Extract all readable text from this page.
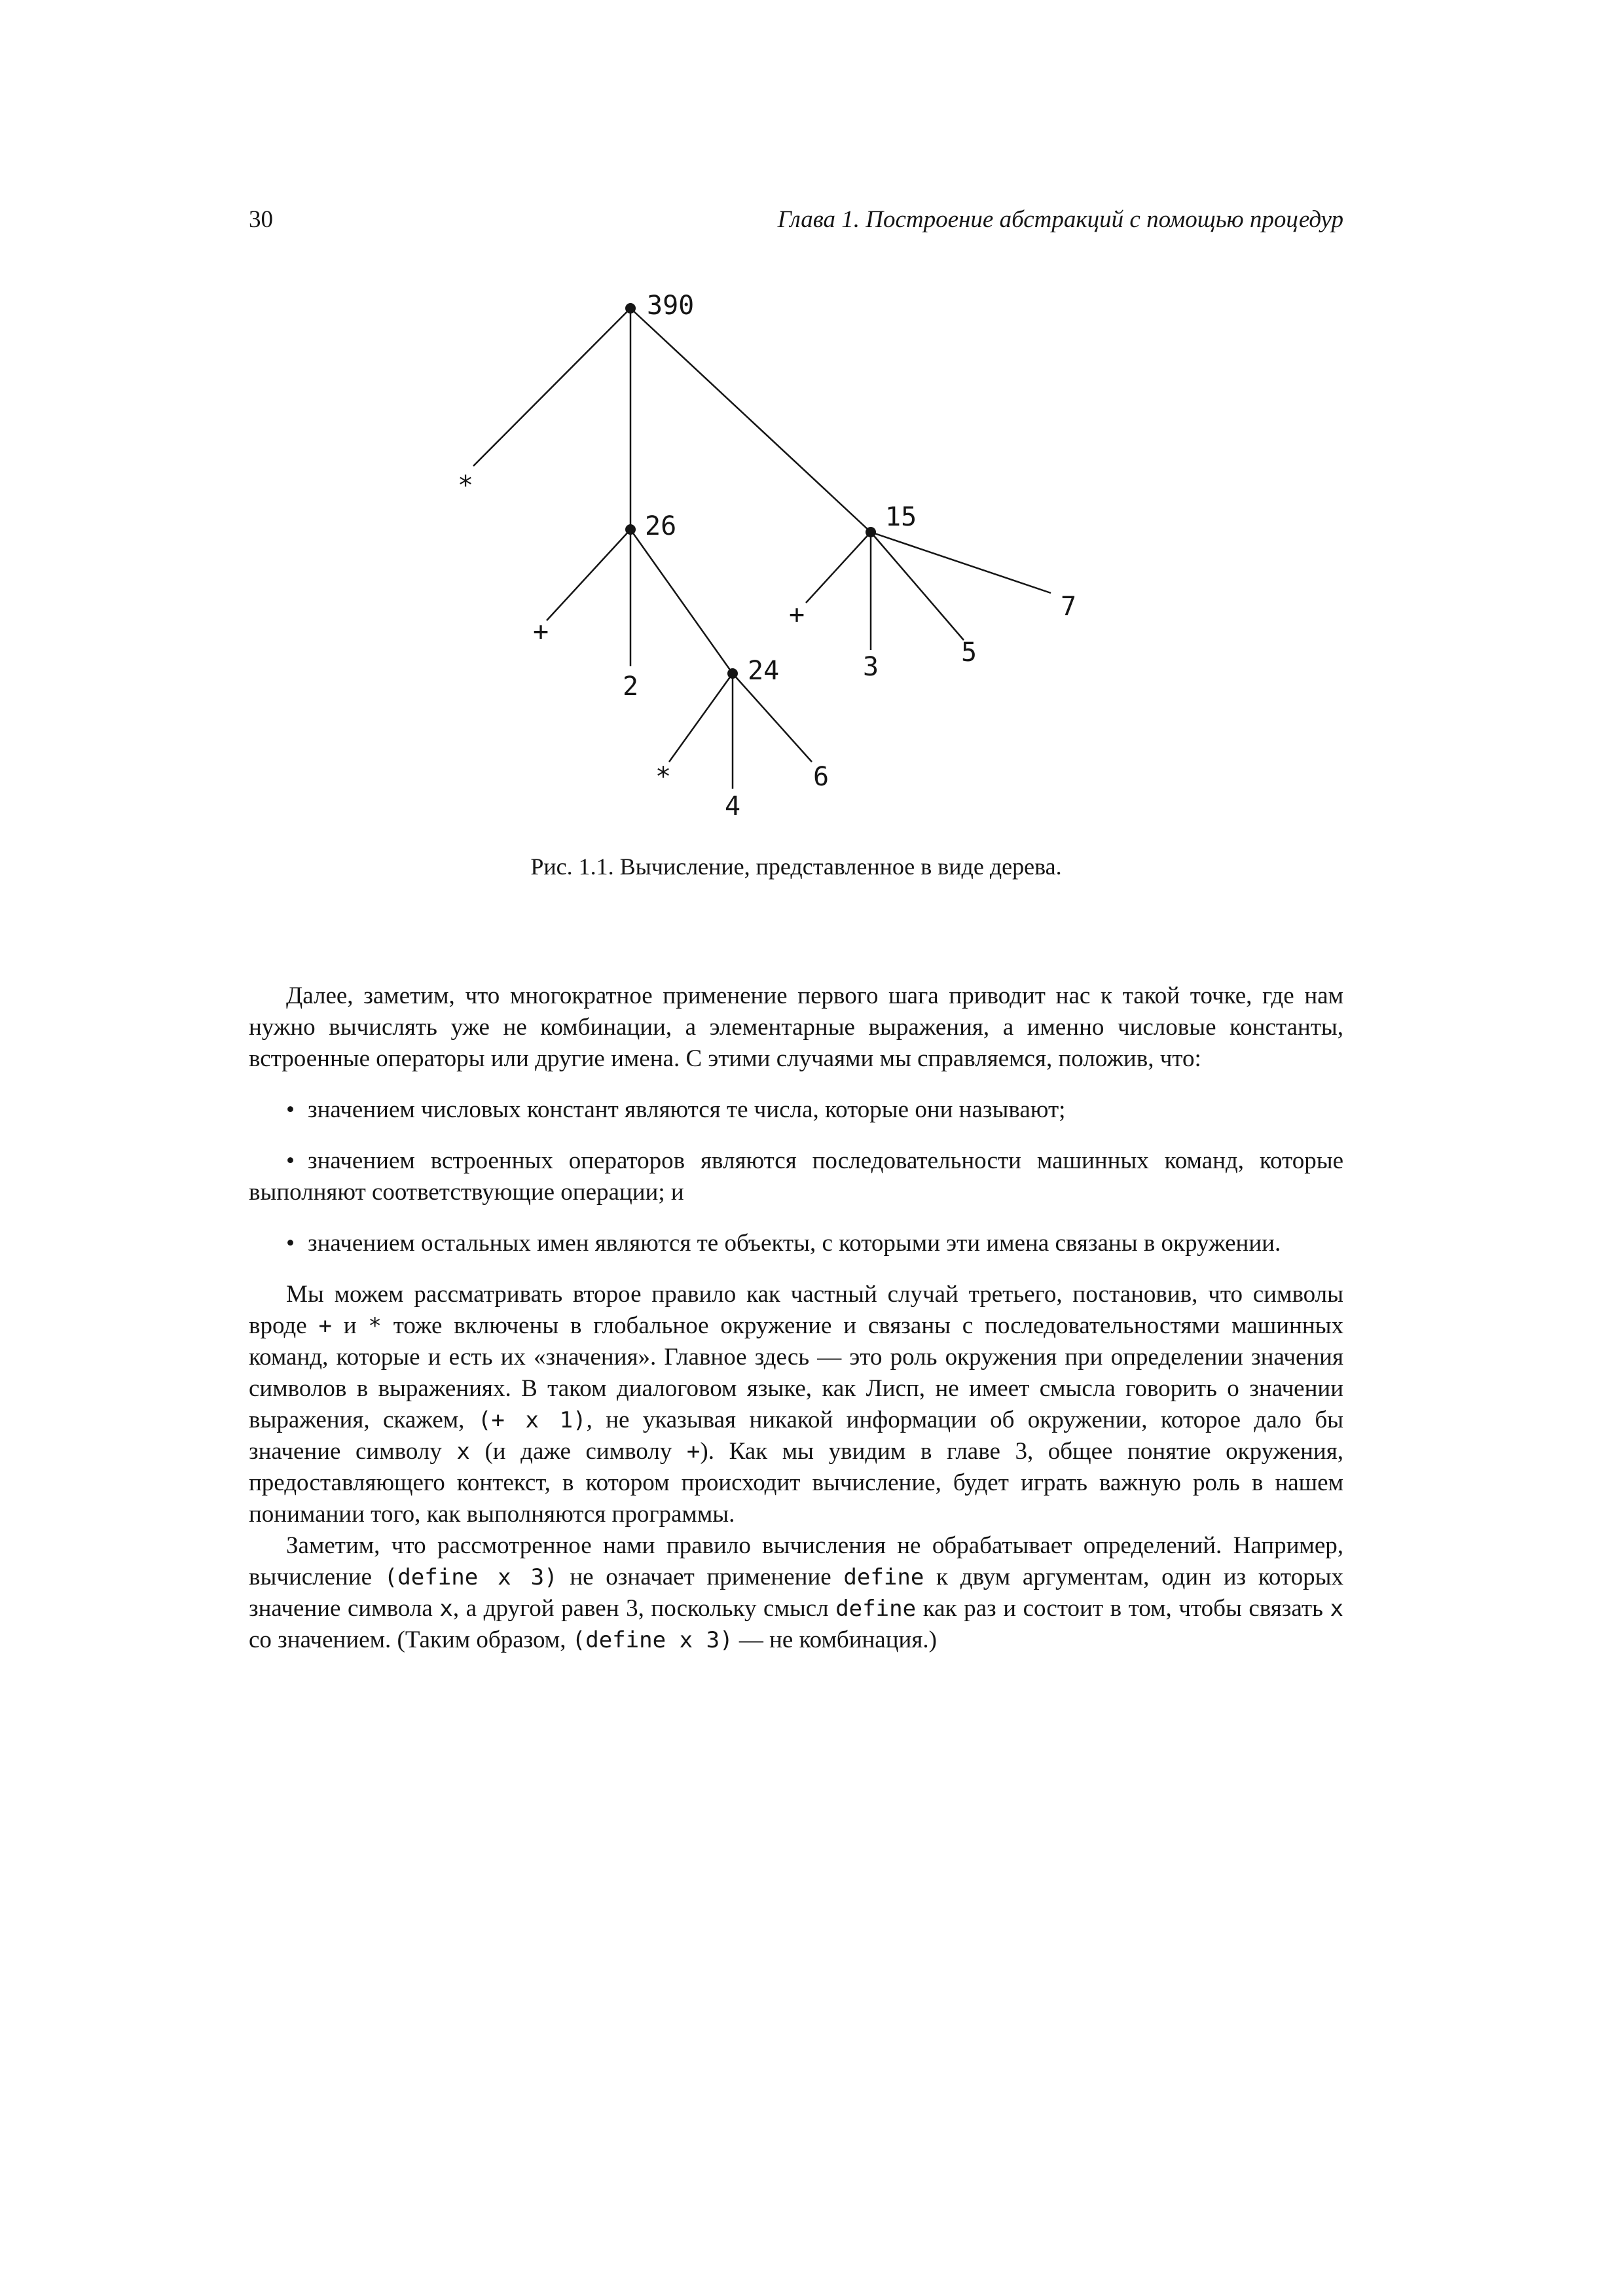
30	Глава 1. Построение абстракций с помощью процедур
390
*
26	15
+
2
24
+
3	5
7
*
4
6
Рис. 1.1. Вычисление, представленное в виде дерева.

Далее, заметим, что многократное применение первого шага приводит нас к такой точке, где нам нужно вычислять уже не комбинации, а элементарные выражения, а именно числовые константы, встроенные операторы или другие имена. С этими случаями мы справляемся, положив, что:

• значением числовых констант являются те числа, которые они называют;

• значением встроенных операторов являются последовательности машинных команд, которые выполняют соответствующие операции; и

• значением остальных имен являются те объекты, с которыми эти имена связаны в окружении.

Мы можем рассматривать второе правило как частный случай третьего, постановив, что символы вроде + и * тоже включены в глобальное окружение и связаны с последовательностями машинных команд, которые и есть их «значения». Главное здесь — это роль окружения при определении значения символов в выражениях. В таком диалоговом языке, как Лисп, не имеет смысла говорить о значении выражения, скажем, (+ x 1), не указывая никакой информации об окружении, которое дало бы значение символу x (и даже символу +). Как мы увидим в главе 3, общее понятие окружения, предоставляющего контекст, в котором происходит вычисление, будет играть важную роль в нашем понимании того, как выполняются программы.

Заметим, что рассмотренное нами правило вычисления не обрабатывает определений. Например, вычисление (define x 3) не означает применение define к двум аргументам, один из которых значение символа x, а другой равен 3, поскольку смысл define как раз и состоит в том, чтобы связать x со значением. (Таким образом, (define x 3) — не комбинация.)
